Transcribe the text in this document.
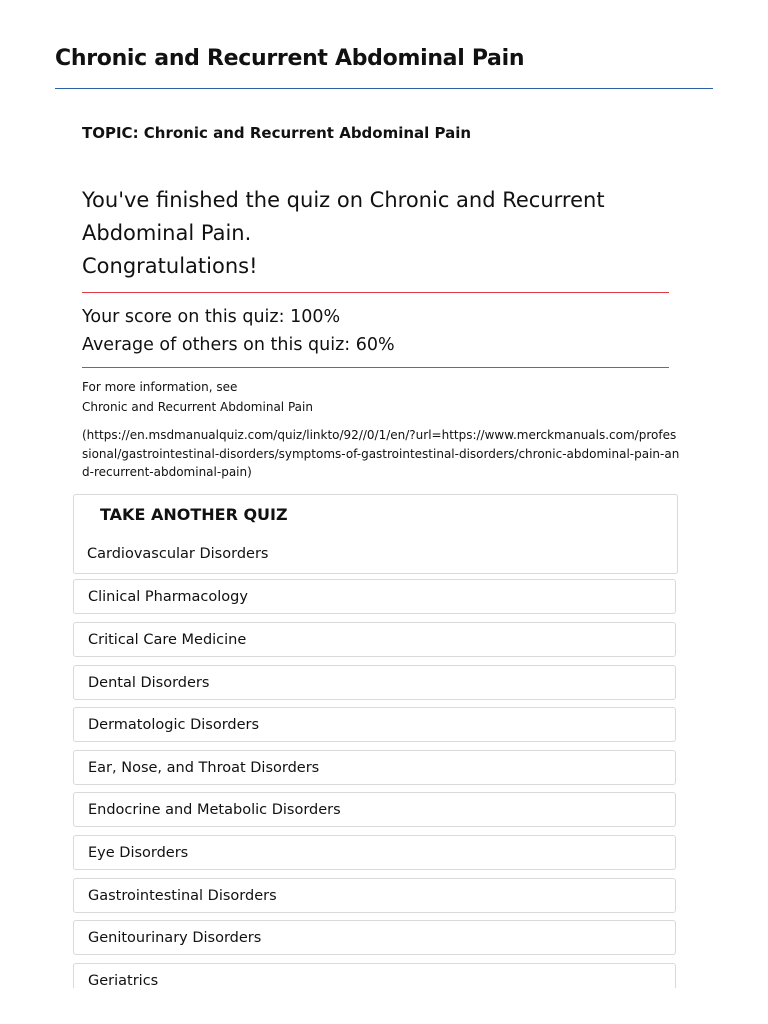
Chronic and Recurrent Abdominal Pain
TOPIC: Chronic and Recurrent Abdominal Pain
You've finished the quiz on Chronic and Recurrent Abdominal Pain.
Congratulations!
Your score on this quiz: 100%
Average of others on this quiz: 60%
For more information, see
Chronic and Recurrent Abdominal Pain
(https://en.msdmanualquiz.com/quiz/linkto/92//0/1/en/?url=https://www.merckmanuals.com/professional/gastrointestinal-disorders/symptoms-of-gastrointestinal-disorders/chronic-abdominal-pain-and-recurrent-abdominal-pain)
TAKE ANOTHER QUIZ
Cardiovascular Disorders
Clinical Pharmacology
Critical Care Medicine
Dental Disorders
Dermatologic Disorders
Ear, Nose, and Throat Disorders
Endocrine and Metabolic Disorders
Eye Disorders
Gastrointestinal Disorders
Genitourinary Disorders
Geriatrics
